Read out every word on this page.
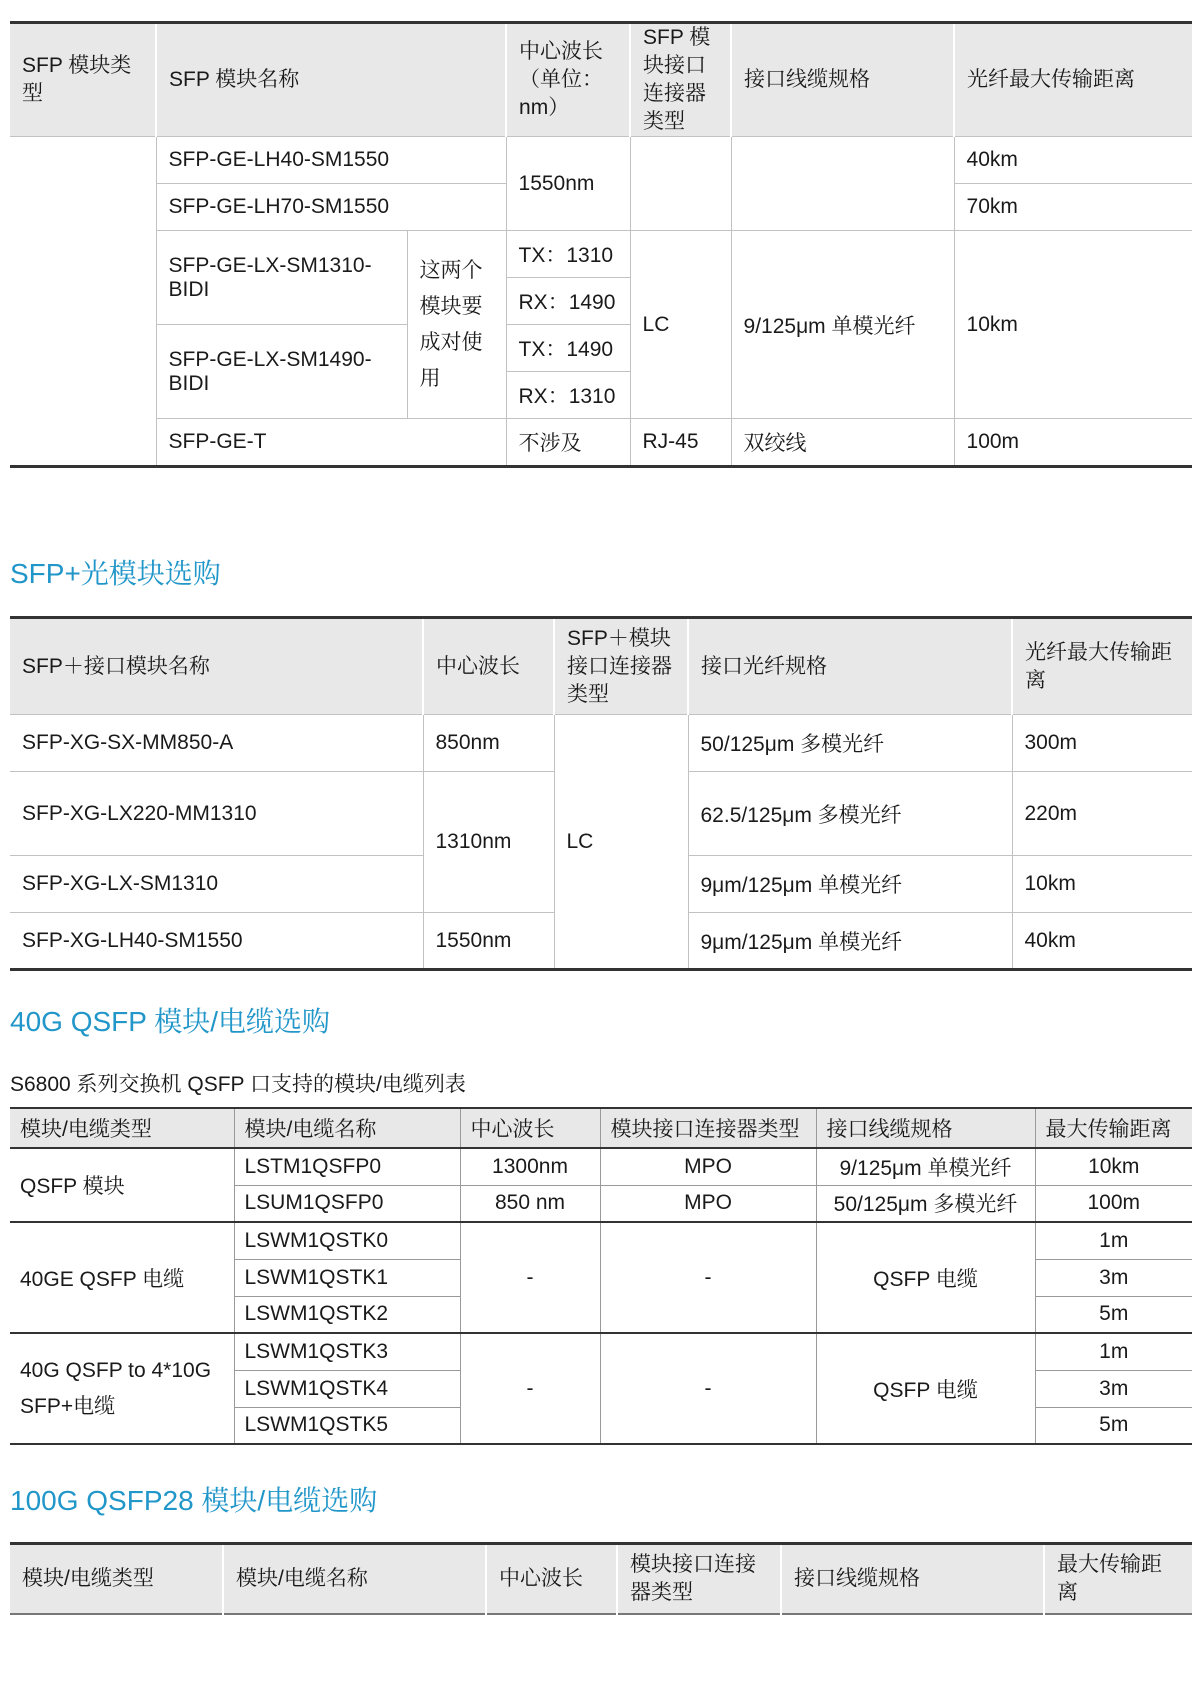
SFP 模块类型	SFP 模块名称		中心波长（单位：nm）	SFP 模块接口连接器类型	接口线缆规格	光纤最大传输距离
	SFP-GE-LH40-SM1550		1550nm			40km
	SFP-GE-LH70-SM1550					70km
	SFP-GE-LX-SM1310-BIDI	这两个模块要成对使用	TX：1310	LC	9/125μm 单模光纤	10km
			RX：1490			
	SFP-GE-LX-SM1490-BIDI		TX：1490			
			RX：1310			
	SFP-GE-T		不涉及	RJ-45	双绞线	100m
SFP+光模块选购
SFP＋接口模块名称	中心波长	SFP＋模块接口连接器类型	接口光纤规格	光纤最大传输距离
SFP-XG-SX-MM850-A	850nm	LC	50/125μm 多模光纤	300m
SFP-XG-LX220-MM1310	1310nm		62.5/125μm 多模光纤	220m
SFP-XG-LX-SM1310			9μm/125μm 单模光纤	10km
SFP-XG-LH40-SM1550	1550nm		9μm/125μm 单模光纤	40km
40G QSFP 模块/电缆选购

S6800 系列交换机 QSFP 口支持的模块/电缆列表

模块/电缆类型	模块/电缆名称	中心波长	模块接口连接器类型	接口线缆规格	最大传输距离
QSFP 模块	LSTM1QSFP0	1300nm	MPO	9/125μm 单模光纤	10km
	LSUM1QSFP0	850 nm	MPO	50/125μm 多模光纤	100m
40GE QSFP 电缆	LSWM1QSTK0	-	-	QSFP 电缆	1m
	LSWM1QSTK1				3m
	LSWM1QSTK2				5m
40G QSFP to 4*10G SFP+电缆	LSWM1QSTK3	-	-	QSFP 电缆	1m
	LSWM1QSTK4				3m
	LSWM1QSTK5				5m
100G QSFP28 模块/电缆选购
模块/电缆类型	模块/电缆名称	中心波长	模块接口连接器类型	接口线缆规格	最大传输距离
